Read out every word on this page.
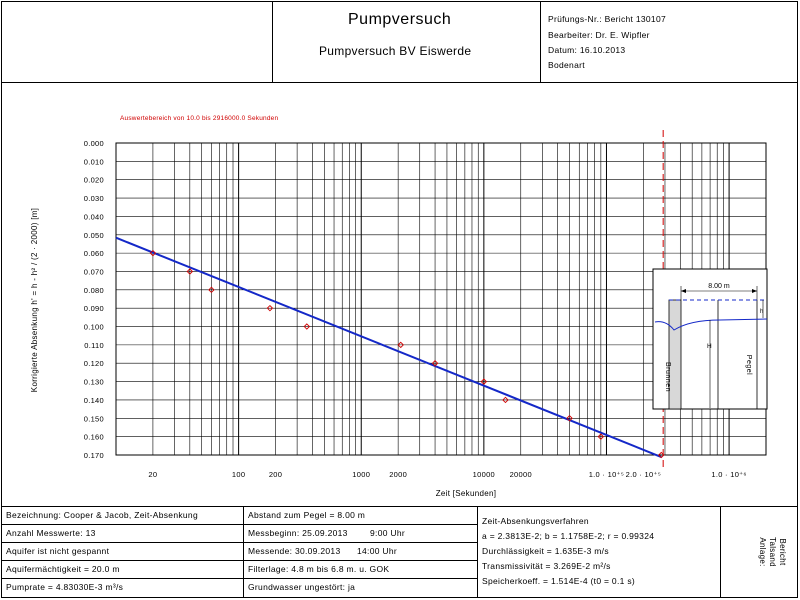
Pumpversuch
Pumpversuch BV Eiswerde
Prüfungs-Nr.: Bericht 130107
Bearbeiter: Dr. E. Wipfler
Datum: 16.10.2013
Bodenart
Auswertebereich von 10.0 bis 2916000.0 Sekunden
0.000
0.010
0.020
0.030
0.040
0.050
0.060
0.070
0.080
0.090
0.100
0.110
0.120
0.130
0.140
0.150
0.160
0.170
20	100	200	1000	2000	10000 20000	1.0 · 10⁺⁵ 2.0 · 10⁺⁵	1.0 · 10⁺⁶
Korrigierte Absenkung h' = h - h² / (2 · 2000) [m]
Zeit [Sekunden]
8.00 m
H
h
Brunnen	Pegel
Bezeichnung: Cooper & Jacob, Zeit-Absenkung
Anzahl Messwerte: 13
Aquifer ist nicht gespannt
Aquifermächtigkeit = 20.0 m
Pumprate = 4.83030E-3 m³/s
Abstand zum Pegel = 8.00 m
Messbeginn: 25.09.2013	9:00 Uhr
Messende: 30.09.2013 14:00 Uhr
Filterlage: 4.8 m bis 6.8 m. u. GOK
Grundwasser ungestört: ja
Zeit-Absenkungsverfahren
a = 2.3813E-2; b = 1.1758E-2; r = 0.99324
Durchlässigkeit = 1.635E-3 m/s
Transmissivität = 3.269E-2 m²/s
Speicherkoeff. = 1.514E-4 (t0 = 0.1 s)
Bericht
Talsand
Anlage:
